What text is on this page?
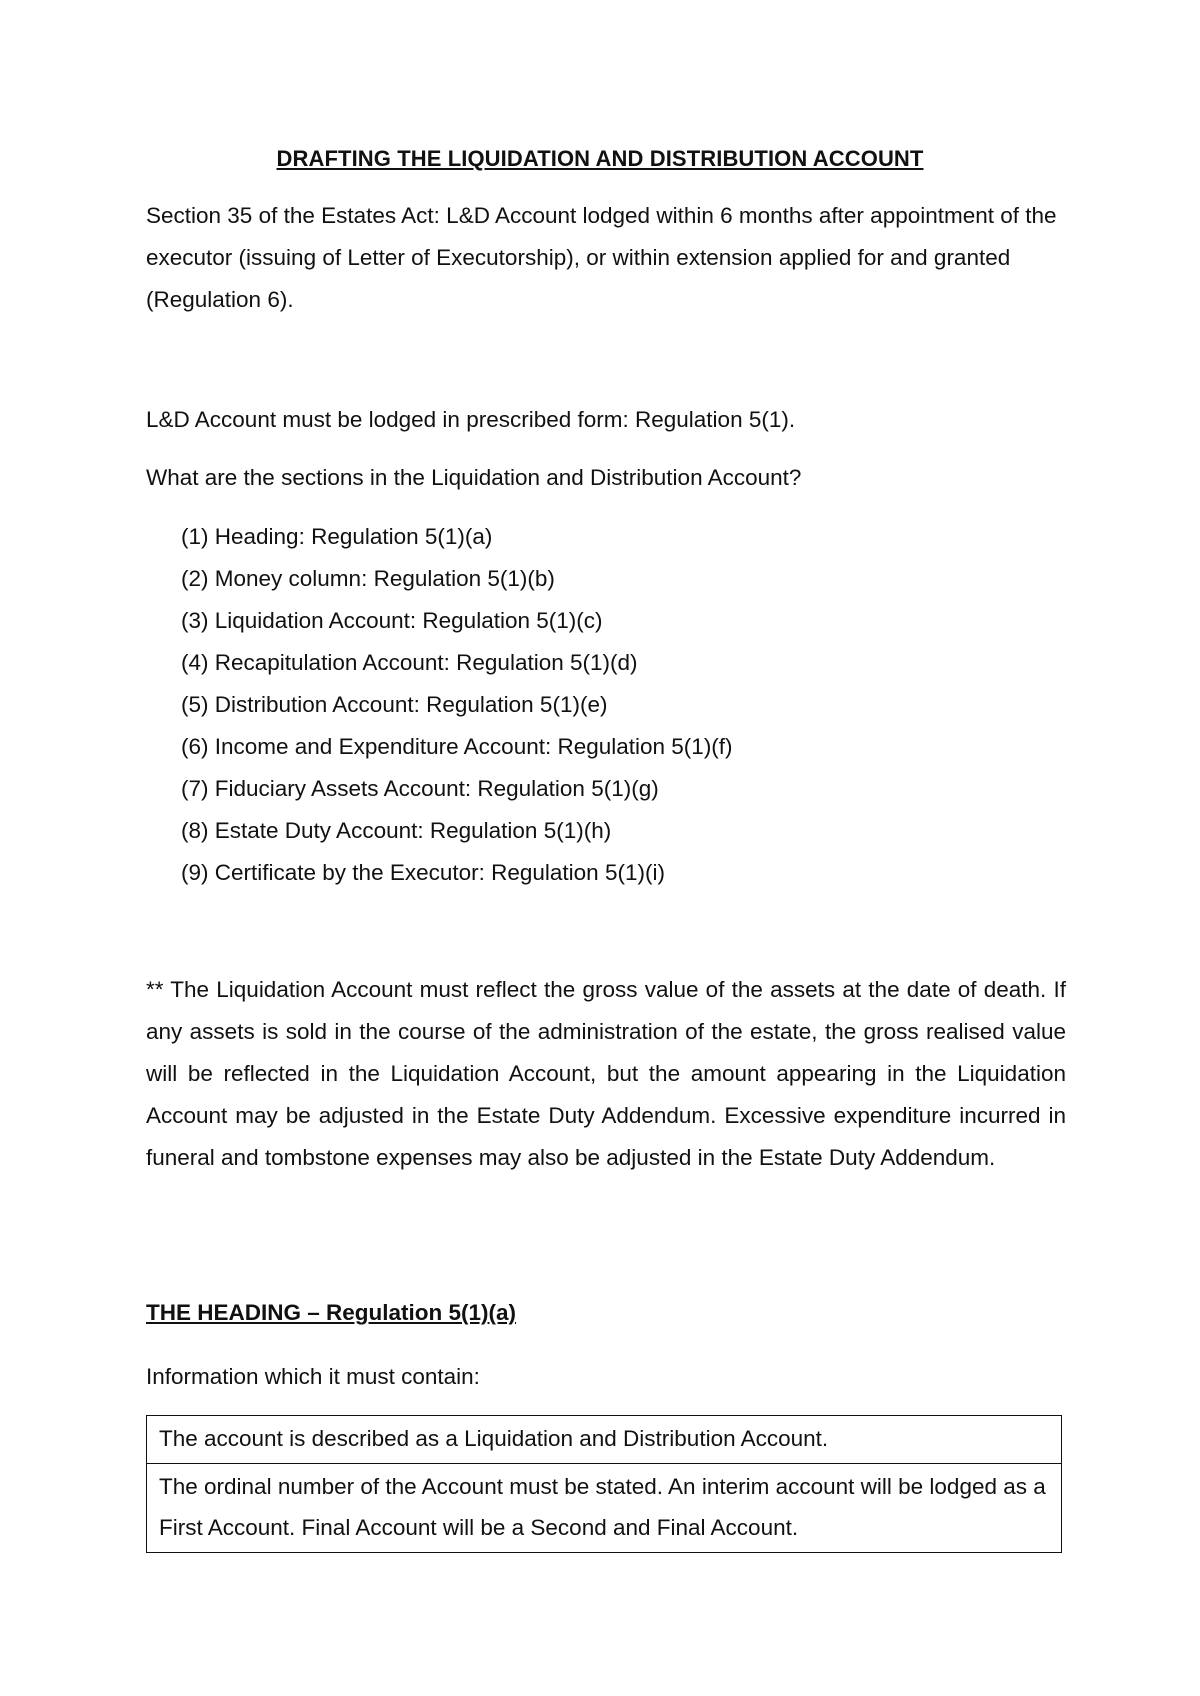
DRAFTING THE LIQUIDATION AND DISTRIBUTION ACCOUNT
Section 35 of the Estates Act: L&D Account lodged within 6 months after appointment of the executor (issuing of Letter of Executorship), or within extension applied for and granted (Regulation 6).
L&D Account must be lodged in prescribed form: Regulation 5(1).
What are the sections in the Liquidation and Distribution Account?
(1) Heading: Regulation 5(1)(a)
(2) Money column: Regulation 5(1)(b)
(3) Liquidation Account: Regulation 5(1)(c)
(4) Recapitulation Account: Regulation 5(1)(d)
(5) Distribution Account: Regulation 5(1)(e)
(6) Income and Expenditure Account: Regulation 5(1)(f)
(7) Fiduciary Assets Account: Regulation 5(1)(g)
(8) Estate Duty Account: Regulation 5(1)(h)
(9) Certificate by the Executor: Regulation 5(1)(i)
** The Liquidation Account must reflect the gross value of the assets at the date of death. If any assets is sold in the course of the administration of the estate, the gross realised value will be reflected in the Liquidation Account, but the amount appearing in the Liquidation Account may be adjusted in the Estate Duty Addendum. Excessive expenditure incurred in funeral and tombstone expenses may also be adjusted in the Estate Duty Addendum.
THE HEADING – Regulation 5(1)(a)
Information which it must contain:
The account is described as a Liquidation and Distribution Account.
The ordinal number of the Account must be stated. An interim account will be lodged as a First Account. Final Account will be a Second and Final Account.
